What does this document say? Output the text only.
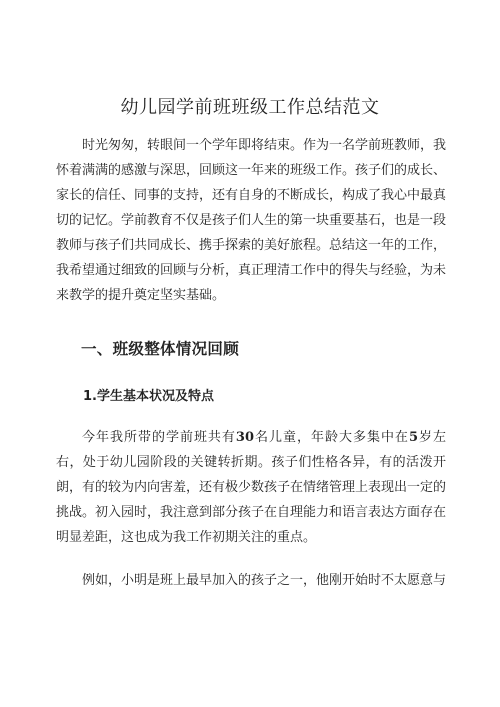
幼儿园学前班班级工作总结范文

时光匆匆，转眼间一个学年即将结束。作为一名学前班教师，我怀着满满的感激与深思，回顾这一年来的班级工作。孩子们的成长、家长的信任、同事的支持，还有自身的不断成长，构成了我心中最真切的记忆。学前教育不仅是孩子们人生的第一块重要基石，也是一段教师与孩子们共同成长、携手探索的美好旅程。总结这一年的工作，我希望通过细致的回顾与分析，真正理清工作中的得失与经验，为未来教学的提升奠定坚实基础。

一、班级整体情况回顾
1.学生基本状况及特点

今年我所带的学前班共有30名儿童，年龄大多集中在5岁左右，处于幼儿园阶段的关键转折期。孩子们性格各异，有的活泼开朗，有的较为内向害羞，还有极少数孩子在情绪管理上表现出一定的挑战。初入园时，我注意到部分孩子在自理能力和语言表达方面存在明显差距，这也成为我工作初期关注的重点。

例如，小明是班上最早加入的孩子之一，他刚开始时不太愿意与
